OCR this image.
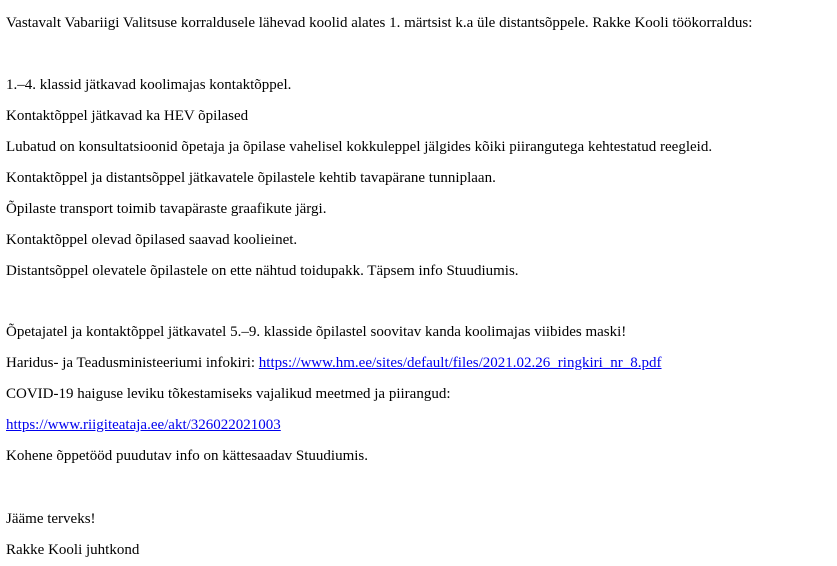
Vastavalt Vabariigi Valitsuse korraldusele lähevad koolid alates 1. märtsist k.a üle distantsõppele. Rakke Kooli töökorraldus:
1.–4. klassid jätkavad koolimajas kontaktõppel.
Kontaktõppel jätkavad ka HEV õpilased
Lubatud on konsultatsioonid õpetaja ja õpilase vahelisel kokkuleppel jälgides kõiki piirangutega kehtestatud reegleid.
Kontaktõppel ja distantsõppel jätkavatele õpilastele kehtib tavapärane tunniplaan.
Õpilaste transport toimib tavapäraste graafikute järgi.
Kontaktõppel olevad õpilased saavad koolieinet.
Distantsõppel olevatele õpilastele on ette nähtud toidupakk. Täpsem info Stuudiumis.
Õpetajatel ja kontaktõppel jätkavatel 5.–9. klasside õpilastel soovitav kanda koolimajas viibides maski!
Haridus- ja Teadusministeeriumi infokiri: https://www.hm.ee/sites/default/files/2021.02.26_ringkiri_nr_8.pdf
COVID-19 haiguse leviku tõkestamiseks vajalikud meetmed ja piirangud:
https://www.riigiteataja.ee/akt/326022021003
Kohene õppetööd puudutav info on kättesaadav Stuudiumis.
Jääme terveks!
Rakke Kooli juhtkond
